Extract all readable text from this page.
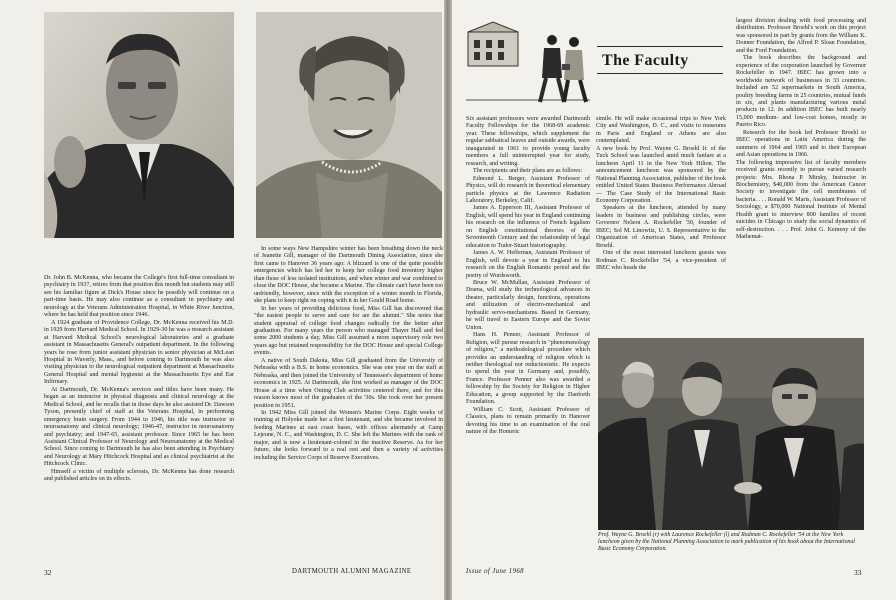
Dr. John B. McKenna, who became the College's first full-time consultant in psychiatry in 1937, retires from that position this month but students may still see his familiar figure at Dick's House since he possibly will continue on a part-time basis. He may also continue as a consultant in psychiatry and neurology at the Veterans Administration Hospital, in White River Junction, where he has held that position since 1946.

A 1924 graduate of Providence College, Dr. McKenna received his M.D. in 1929 from Harvard Medical School. In 1929-30 he was a research assistant at Harvard Medical School's neurological laboratories and a graduate assistant in Massachusetts General's outpatient department. In the following years he rose from junior assistant physician to senior physician at McLean Hospital in Waverly, Mass., and before coming to Dartmouth he was also visiting physician to the neurological outpatient department at Massachusetts General Hospital and mental hygienist at the Massachusetts Eye and Ear Infirmary.

At Dartmouth, Dr. McKenna's services and titles have been many. He began as an instructor in physical diagnosis and clinical neurology at the Medical School, and he recalls that in those days he also assisted Dr. Dawson Tyson, presently chief of staff at the Veterans Hospital, in performing emergency brain surgery. From 1944 to 1946, his title was instructor in neuroanatomy and clinical neurology; 1946-47, instructor in neuroanatomy and psychiatry; and 1947-65, assistant professor. Since 1965 he has been Assistant Clinical Professor of Neurology and Neuroanatomy at the Medical School. Since coming to Dartmouth he has also been attending in Psychiatry and Neurology at Mary Hitchcock Hospital and as clinical psychiatrist at the Hitchcock Clinic.

Himself a victim of multiple sclerosis, Dr. McKenna has done research and published articles on its effects.

In some ways New Hampshire winter has been breathing down the neck of Jeanette Gill, manager of the Dartmouth Dining Association, since she first came to Hanover 36 years ago: A blizzard is one of the quite possible emergencies which has led her to keep her college food inventory higher than those of less isolated institutions, and when winter and war combined to close the DOC House, she became a Marine. The climate can't have been too unfriendly, however, since with the exception of a winter month in Florida, she plans to keep right on coping with it in her Gould Road home.

In her years of providing delicious food, Miss Gill has discovered that "the easiest people to serve and care for are the alumni." She notes that student appraisal of college food changes radically for the better after graduation. For many years the person who managed Thayer Hall and fed some 2000 students a day, Miss Gill assumed a more supervisory role two years ago but retained responsibility for the DOC House and special College events.

A native of South Dakota, Miss Gill graduated from the University of Nebraska with a B.S. in home economics. She was one year on the staff at Nebraska, and then joined the University of Tennessee's department of home economics in 1925. At Dartmouth, she first worked as manager of the DOC House at a time when Outing Club activities centered there, and for this reason knows most of the graduates of the '30s. She took over her present position in 1951.

In 1942 Miss Gill joined the Women's Marine Corps. Eight weeks of training at Holyoke made her a first lieutenant, and she became involved in feeding Marines at east coast bases, with offices alternately at Camp Lejeune, N. C., and Washington, D. C. She left the Marines with the rank of major, and is now a lieutenant-colonel in the inactive Reserve. As for her future, she looks forward to a real rest and then a variety of activities including the Service Corps of Reserve Executives.

32	DARTMOUTH ALUMNI MAGAZINE
The Faculty

Six assistant professors were awarded Dartmouth Faculty Fellowships for the 1968-69 academic year. These fellowships, which supplement the regular sabbatical leaves and outside awards, were inaugurated in 1961 to provide young faculty members a full uninterrupted year for study, research, and writing.

The recipients and their plans are as follows:

Edmond L. Berger, Assistant Professor of Physics, will do research in theoretical elementary particle physics at the Lawrence Radiation Laboratory, Berkeley, Calif.

James A. Epperson III, Assistant Professor of English, will spend his year in England continuing his research on the influence of French legalism on English constitutional theories of the Seventeenth Century and the relationship of legal education to Tudor-Stuart historiography.

James A. W. Heffernan, Assistant Professor of English, will devote a year in England to his research on the English Romantic period and the poetry of Wordsworth.

Bruce W. McMullan, Assistant Professor of Drama, will study the technological advances in theater, particularly design, functions, operations and utilization of electro-mechanical and hydraulic servo-mechanisms. Based in Germany, he will travel to Eastern Europe and the Soviet Union.

Hans H. Penner, Assistant Professor of Religion, will pursue research in "phenomenology of religion," a methodological procedure which provides an understanding of religion which is neither theological nor reductionistic. He expects to spend the year in Germany and, possibly, France. Professor Penner also was awarded a fellowship by the Society for Religion in Higher Education, a group supported by the Danforth Foundation.

William C. Scott, Assistant Professor of Classics, plans to remain primarily in Hanover devoting his time to an examination of the oral nature of the Homeric

simile. He will make occasional trips to New York City and Washington, D. C., and visits to museums in Paris and England or Athens are also contemplated.

A new book by Prof. Wayne G. Broehl Jr. of the Tuck School was launched amid much fanfare at a luncheon April 11 in the New York Hilton. The announcement luncheon was sponsored by the National Planning Association, publisher of the book entitled United States Business Performance Abroad — The Case Study of the International Basic Economy Corporation.

Speakers at the luncheon, attended by many leaders in business and publishing circles, were Governor Nelson A. Rockefeller '30, founder of IBEC; Sol M. Linowitz, U. S. Representative to the Organization of American States, and Professor Broehl.

One of the most interested luncheon guests was Rodman C. Rockefeller '54, a vice-president of IBEC who heads the

largest division dealing with food processing and distribution. Professor Broehl's work on this project was sponsored in part by grants from the William K. Donner Foundation, the Alfred P. Sloan Foundation, and the Ford Foundation.

The book describes the background and experience of the corporation launched by Governor Rockefeller in 1947. IBEC has grown into a worldwide network of businesses in 33 countries. Included are 52 supermarkets in South America, poultry breeding farms in 25 countries, mutual funds in six, and plants manufacturing various metal products in 12. In addition IBEC has built nearly 15,000 medium- and low-cost homes, mostly in Puerto Rico.

Research for the book led Professor Broehl to IBEC operations in Latin America during the summers of 1964 and 1965 and to their European and Asian operations in 1966.

The following impressive list of faculty members received grants recently to pursue varied research projects: Mrs. Rhona P. Mirsky, Instructor in Biochemistry, $40,000 from the American Cancer Society to investigate the cell membranes of bacteria. . . . Ronald W. Maris, Assistant Professor of Sociology, a $70,000 National Institute of Mental Health grant to interview 800 families of recent suicides in Chicago to study the social dynamics of self-destruction. . . . Prof. John G. Kemeny of the Mathemat-

Prof. Wayne G. Broehl (r) with Laurence Rockefeller (l) and Rodman C. Rockefeller '54 at the New York luncheon given by the National Planning Association to mark publication of his book about the International Basic Economy Corporation.
Issue of June 1968	33
